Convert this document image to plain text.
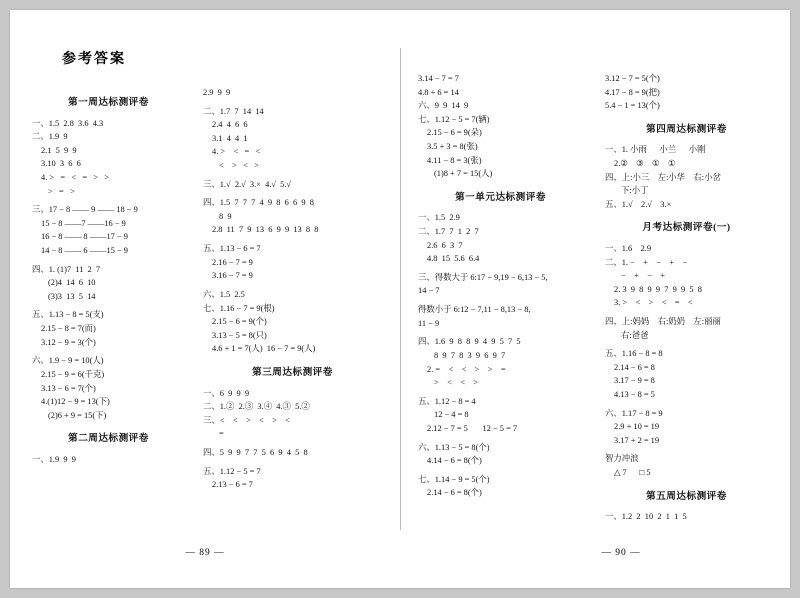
参考答案
第一周达标测评卷

一、1.5  2.8  3.6  4.3

二、1.9  9

2.1  5  9  9

3.10  3  6  6

4. >   =   <   =   >   >

>   =   >

三、17 − 8 —— 9 —— 18 − 9

15 − 8 ——7 ——16 − 9

16 − 8 —— 8 ——17 − 9

14 − 8 —— 6 ——15 − 9

四、1. (1)7  11  2  7

(2)4  14  6  10

(3)3  13  5  14

五、1.13 − 8 = 5(支)

2.15 − 8 = 7(而)

3.12 − 9 = 3(个)

六、1.9 − 9 = 10(人)

2.15 − 9 = 6(千克)

3.13 − 6 = 7(个)

4.(1)12 − 9 = 13(下)

(2)6 + 9 = 15(下)

第二周达标测评卷

一、1.9  9  9

2.9  9  9

二、1.7  7  14  14

2.4  4  6  6

3.1  4  4  1

4. >    <   =   <

<    >   <   >

三、1.√  2.√  3.×  4.√  5.√

四、1.5  7  7  7  4  9  8  6  6  9  8

8  9

2.8  11  7  9  13  6  9  9  13  8  8

五、1.13 − 6 = 7

2.16 − 7 = 9

3.16 − 7 = 9

六、1.5  2.5

七、1.16 − 7 = 9(根)

2.15 − 6 = 9(个)

3.13 − 5 = 8(只)

4.6 + 1 = 7(人)  16 − 7 = 9(人)

第三周达标测评卷

一、6  9  9  9

二、1.②  2.③  3.④  4.③  5.②

三、<    <    >    <    >    <

=

四、5  9  9  7  7  5  6  9  4  5  8

五、1.12 − 5 = 7

2.13 − 6 = 7

— 89 —

3.14 − 7 = 7

4.8 + 6 = 14

六、9  9  14  9

七、1.12 − 5 = 7(辆)

2.15 − 6 = 9(朵)

3.5 + 3 = 8(张)

4.11 − 8 = 3(张)

(1)8 + 7 = 15(人)

第一单元达标测评卷

一、1.5  2.9

二、1.7  7  1  2  7

2.6  6  3  7

4.8  15  5.6  6.4

三、得数大于 6:17 − 9,19 − 6,13 − 5,

14 − 7

得数小于 6:12 − 7,11 − 8,13 − 8,

11 − 9

四、1.6  9  8  8  9  4  9  5  7  5

8  9  7  8  3  9  6  9  7

2. =    <    <    >    >    =

>    <    <    >

五、1.12 − 8 = 4

12 − 4 = 8

2.12 − 7 = 5       12 − 5 = 7

六、1.13 − 5 = 8(个)

4.14 − 6 = 8(个)

七、1.14 − 9 = 5(个)

2.14 − 6 = 8(个)

3.12 − 7 = 5(个)

4.17 − 8 = 9(把)

5.4 − 1 = 13(个)

第四周达标测评卷

一、1. 小雨      小兰      小刚

2.②    ③    ①    ①

四、上:小三    左:小华    右:小岔

下:小丁

五、1.√    2.√    3.×

月考达标测评卷(一)

一、1.6    2.9

二、1. −    +    −    +    −

−    +    −    +

2. 3  9  8  9  9  7  9  9  5  8

3. >    <    >    <    =    <

四、上:妈妈    右:奶奶    左:丽丽

右:爸爸

五、1.16 − 8 = 8

2.14 − 6 = 8

3.17 − 9 = 8

4.13 − 8 = 5

六、1.17 − 8 = 9

2.9 + 10 = 19

3.17 + 2 = 19

智力冲浪

△ 7      □ 5

第五周达标测评卷

一、1.2  2  10  2  1  1  5

— 90 —
